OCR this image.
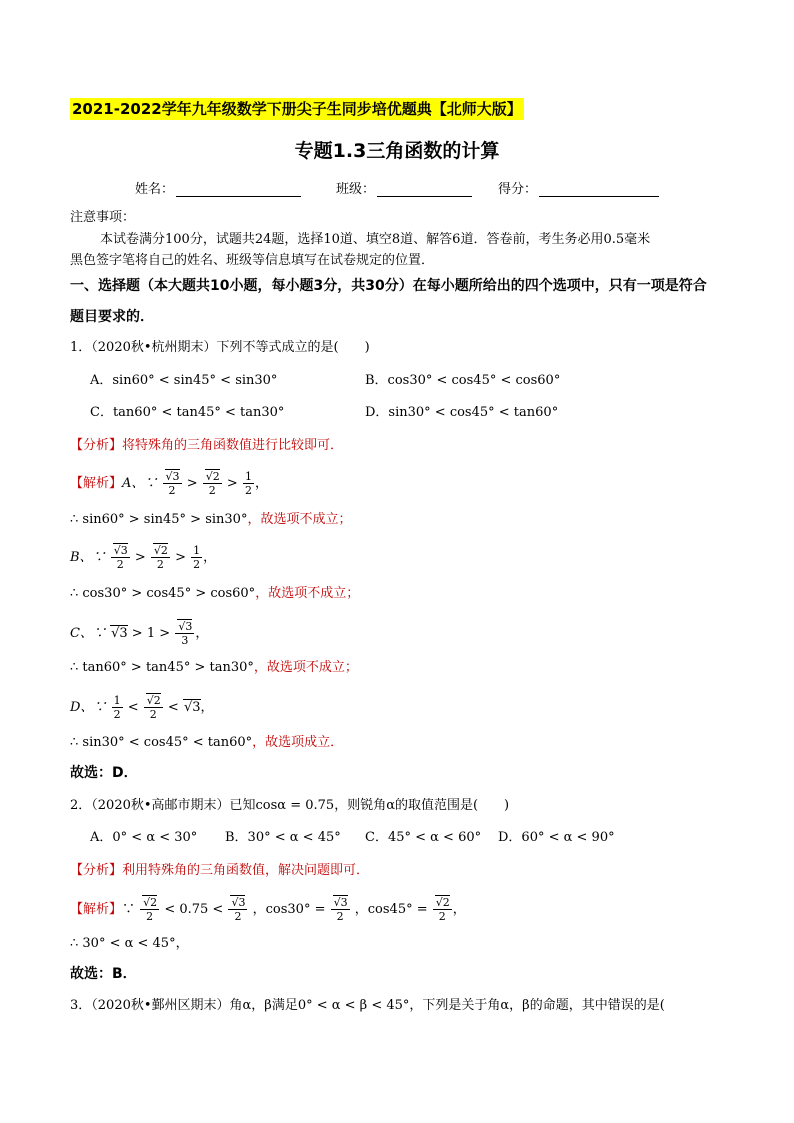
2021-2022学年九年级数学下册尖子生同步培优题典【北师大版】
专题1.3三角函数的计算
姓名：	班级：	得分：
注意事项：
本试卷满分100分，试题共24题，选择10道、填空8道、解答6道．答卷前，考生务必用0.5毫米
黑色签字笔将自己的姓名、班级等信息填写在试卷规定的位置．
一、选择题（本大题共10小题，每小题3分，共30分）在每小题所给出的四个选项中，只有一项是符合
题目要求的．
1．（2020秋•杭州期末）下列不等式成立的是(　　)
A．sin60° < sin45° < sin30°	B．cos30° < cos45° < cos60°
C．tan60° < tan45° < tan30°	D．sin30° < cos45° < tan60°
【分析】将特殊角的三角函数值进行比较即可．
【解析】A、∵ $\frac{√3}{2} > \frac{√2}{2} > \frac{1}{2}$ ，
∴ sin60° > sin45° > sin30°，故选项不成立；
B、∵ $\frac{√3}{2} > \frac{√2}{2} > \frac{1}{2}$ ，
∴ cos30° > cos45° > cos60°，故选项不成立；
C、∵ $√3 > 1 > \frac{√3}{3}$ ，
∴ tan60° > tan45° > tan30°，故选项不成立；
D、∵ $\frac{1}{2} < \frac{√2}{2} < √3$，
∴ sin30° < cos45° < tan60°，故选项成立．
故选：D．
2．（2020秋•高邮市期末）已知cosα = 0.75，则锐角α的取值范围是(　　)
A．0° < α < 30° B．30° < α < 45° C．45° < α < 60° D．60° < α < 90°
【分析】利用特殊角的三角函数值，解决问题即可．
【解析】∵ $\frac{√2}{2} < 0.75 < \frac{√3}{2}$ ，$\cos 30^\circ = \frac{√3}{2}$ ，$\cos 45^\circ = \frac{√2}{2}$ ，
∴ 30° < α < 45°，
故选：B．
3．（2020秋•鄞州区期末）角α，β满足0° < α < β < 45°，下列是关于角α，β的命题，其中错误的是(
